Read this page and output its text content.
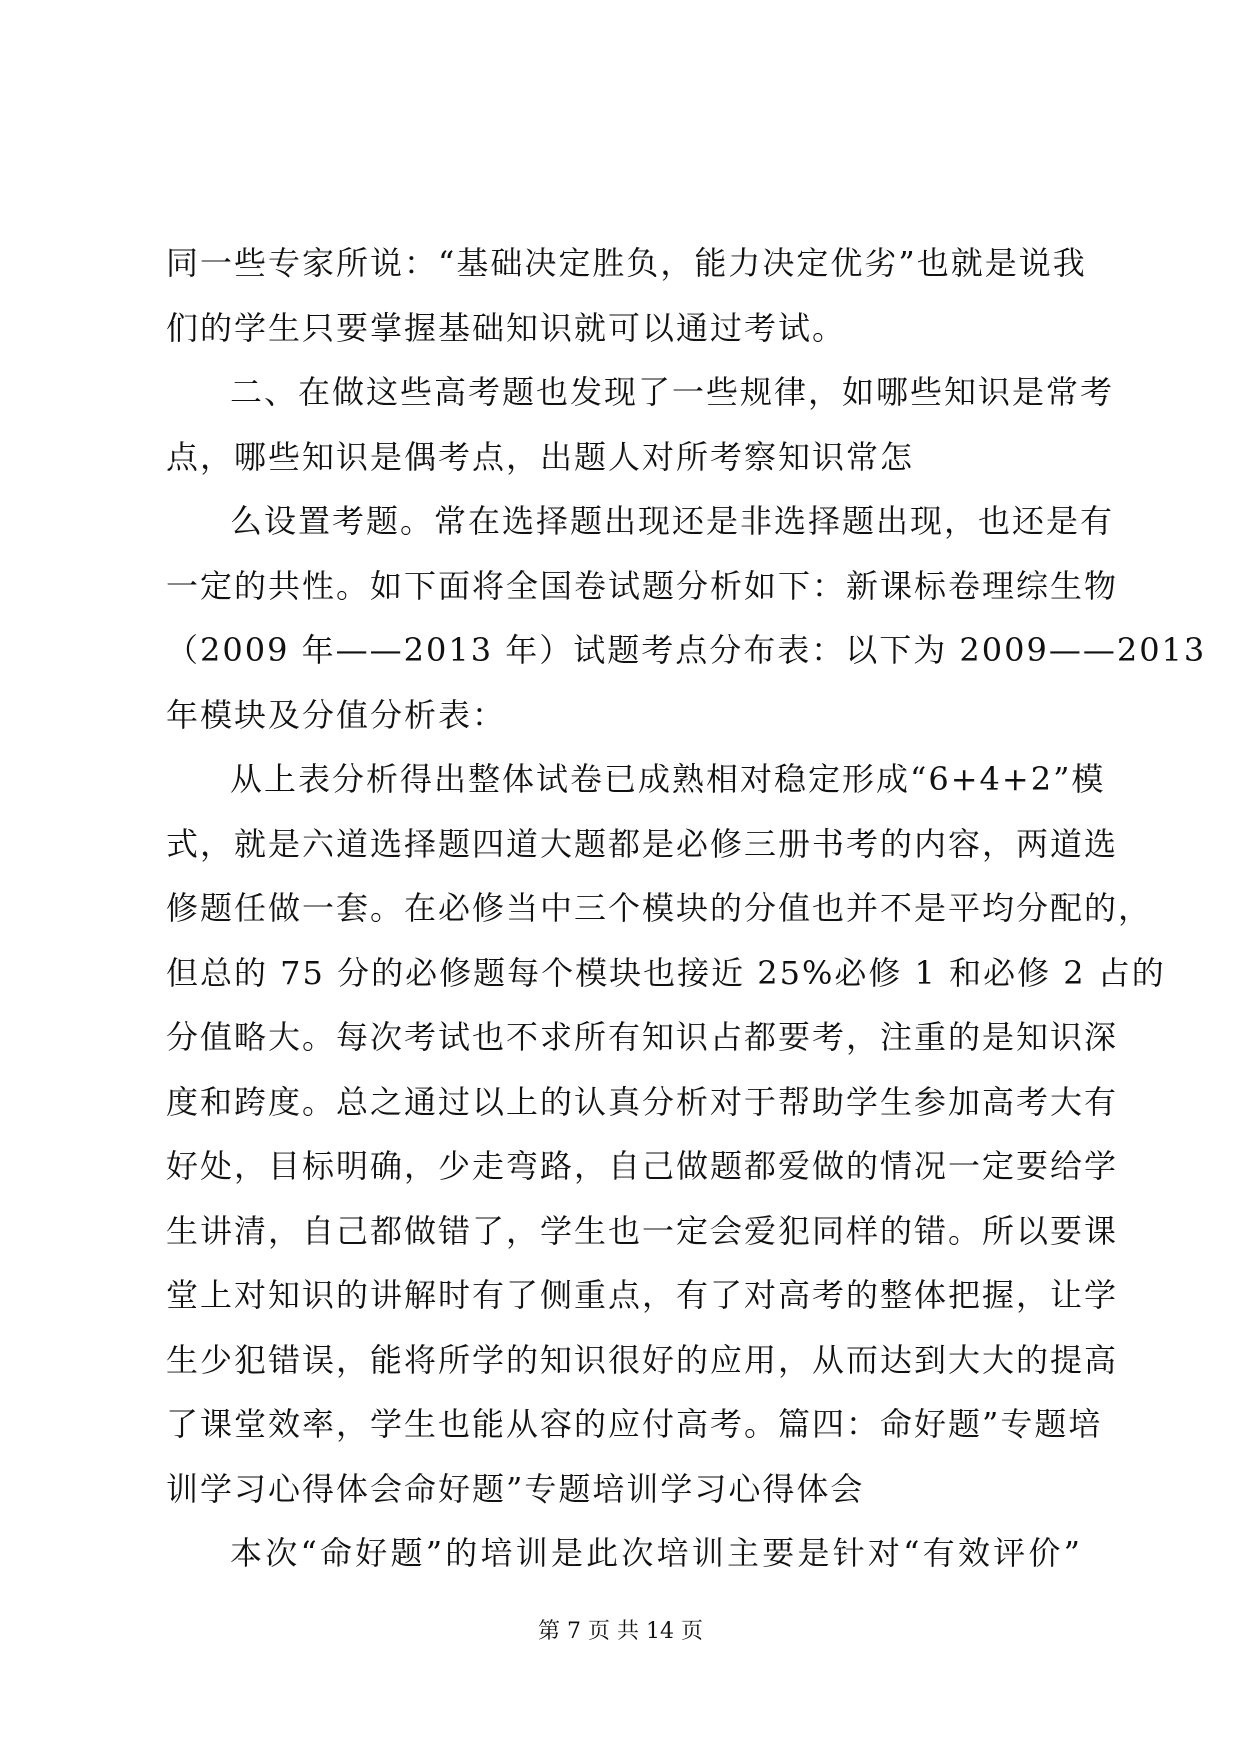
同一些专家所说：“基础决定胜负，能力决定优劣”也就是说我
们的学生只要掌握基础知识就可以通过考试。
二、在做这些高考题也发现了一些规律，如哪些知识是常考
点，哪些知识是偶考点，出题人对所考察知识常怎
么设置考题。常在选择题出现还是非选择题出现，也还是有
一定的共性。如下面将全国卷试题分析如下：新课标卷理综生物
（2009 年——2013 年）试题考点分布表：以下为 2009——2013
年模块及分值分析表：
从上表分析得出整体试卷已成熟相对稳定形成“6+4+2”模
式，就是六道选择题四道大题都是必修三册书考的内容，两道选
修题任做一套。在必修当中三个模块的分值也并不是平均分配的，
但总的 75 分的必修题每个模块也接近 25%必修 1 和必修 2 占的
分值略大。每次考试也不求所有知识占都要考，注重的是知识深
度和跨度。总之通过以上的认真分析对于帮助学生参加高考大有
好处，目标明确，少走弯路，自己做题都爱做的情况一定要给学
生讲清，自己都做错了，学生也一定会爱犯同样的错。所以要课
堂上对知识的讲解时有了侧重点，有了对高考的整体把握，让学
生少犯错误，能将所学的知识很好的应用，从而达到大大的提高
了课堂效率，学生也能从容的应付高考。篇四：命好题”专题培
训学习心得体会命好题”专题培训学习心得体会
本次“命好题”的培训是此次培训主要是针对“有效评价”
第 7 页 共 14 页
